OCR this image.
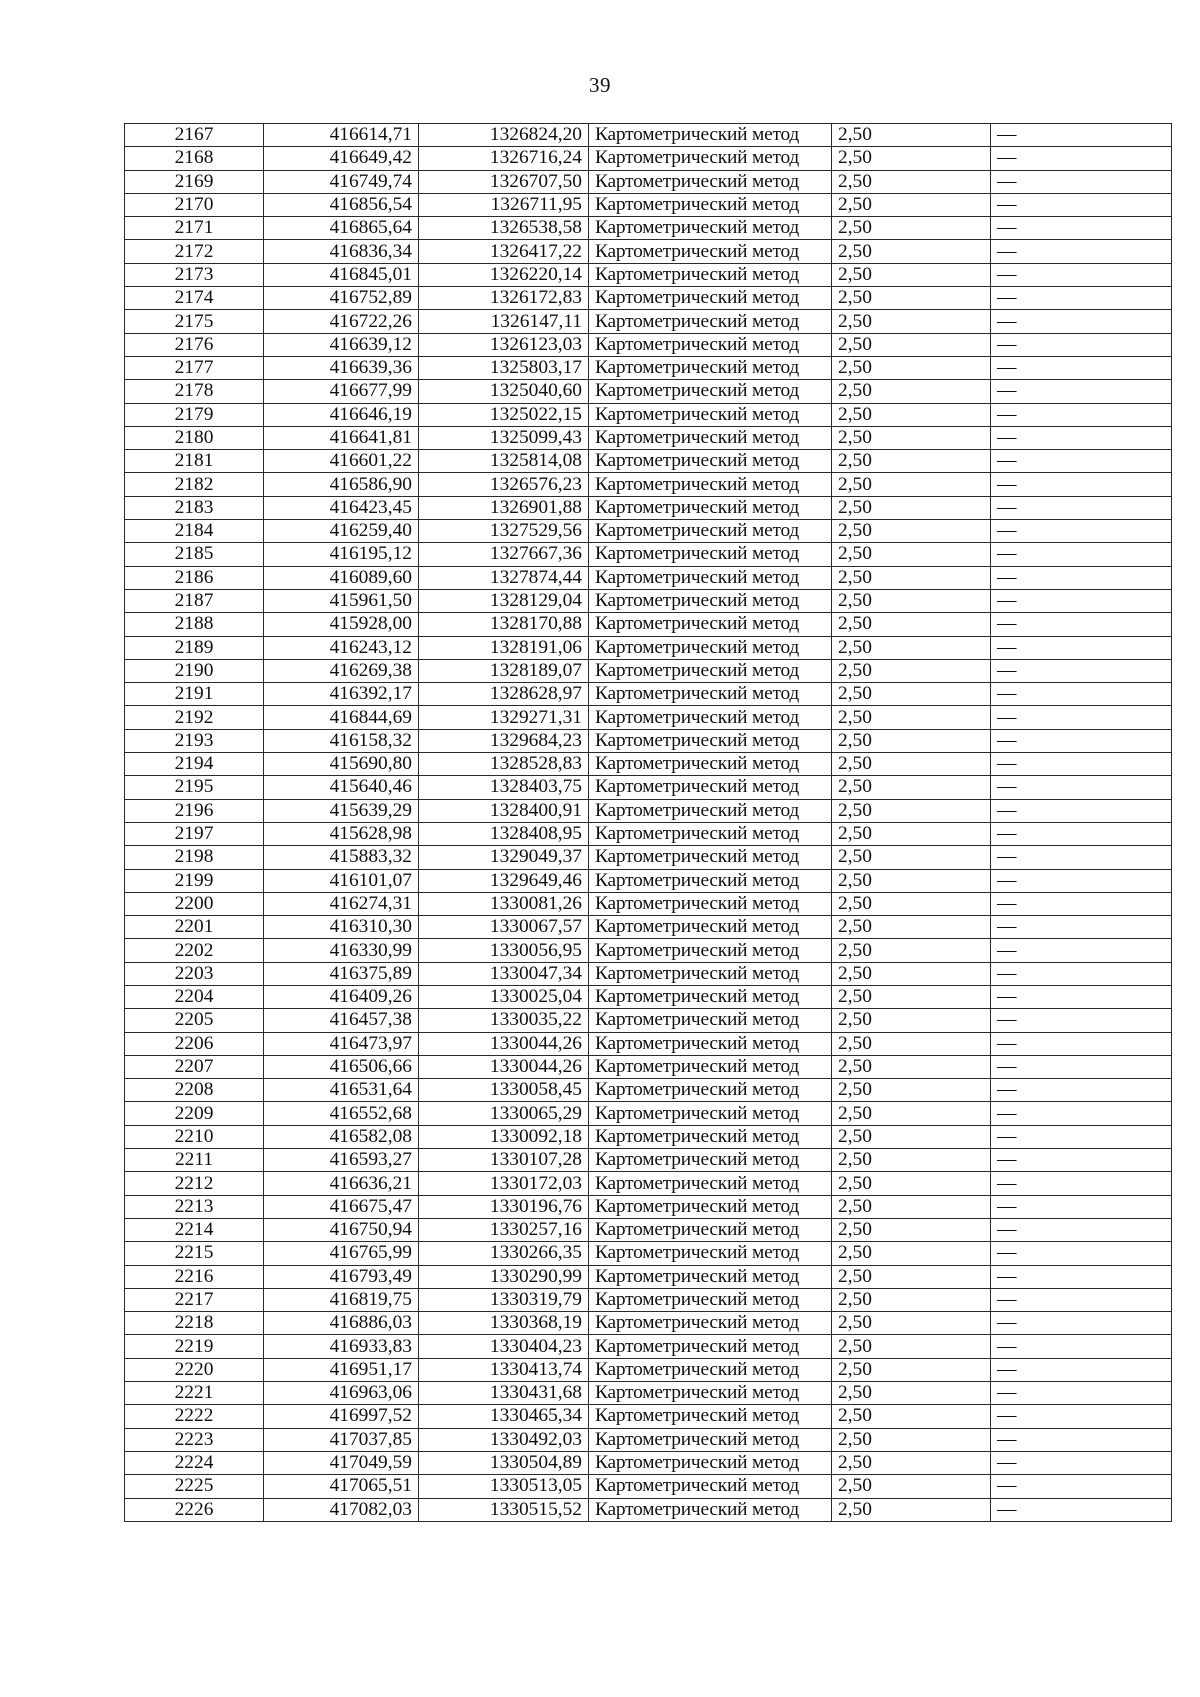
39
2167	416614,71	1326824,20	Картометрический метод	2,50	—
2168	416649,42	1326716,24	Картометрический метод	2,50	—
2169	416749,74	1326707,50	Картометрический метод	2,50	—
2170	416856,54	1326711,95	Картометрический метод	2,50	—
2171	416865,64	1326538,58	Картометрический метод	2,50	—
2172	416836,34	1326417,22	Картометрический метод	2,50	—
2173	416845,01	1326220,14	Картометрический метод	2,50	—
2174	416752,89	1326172,83	Картометрический метод	2,50	—
2175	416722,26	1326147,11	Картометрический метод	2,50	—
2176	416639,12	1326123,03	Картометрический метод	2,50	—
2177	416639,36	1325803,17	Картометрический метод	2,50	—
2178	416677,99	1325040,60	Картометрический метод	2,50	—
2179	416646,19	1325022,15	Картометрический метод	2,50	—
2180	416641,81	1325099,43	Картометрический метод	2,50	—
2181	416601,22	1325814,08	Картометрический метод	2,50	—
2182	416586,90	1326576,23	Картометрический метод	2,50	—
2183	416423,45	1326901,88	Картометрический метод	2,50	—
2184	416259,40	1327529,56	Картометрический метод	2,50	—
2185	416195,12	1327667,36	Картометрический метод	2,50	—
2186	416089,60	1327874,44	Картометрический метод	2,50	—
2187	415961,50	1328129,04	Картометрический метод	2,50	—
2188	415928,00	1328170,88	Картометрический метод	2,50	—
2189	416243,12	1328191,06	Картометрический метод	2,50	—
2190	416269,38	1328189,07	Картометрический метод	2,50	—
2191	416392,17	1328628,97	Картометрический метод	2,50	—
2192	416844,69	1329271,31	Картометрический метод	2,50	—
2193	416158,32	1329684,23	Картометрический метод	2,50	—
2194	415690,80	1328528,83	Картометрический метод	2,50	—
2195	415640,46	1328403,75	Картометрический метод	2,50	—
2196	415639,29	1328400,91	Картометрический метод	2,50	—
2197	415628,98	1328408,95	Картометрический метод	2,50	—
2198	415883,32	1329049,37	Картометрический метод	2,50	—
2199	416101,07	1329649,46	Картометрический метод	2,50	—
2200	416274,31	1330081,26	Картометрический метод	2,50	—
2201	416310,30	1330067,57	Картометрический метод	2,50	—
2202	416330,99	1330056,95	Картометрический метод	2,50	—
2203	416375,89	1330047,34	Картометрический метод	2,50	—
2204	416409,26	1330025,04	Картометрический метод	2,50	—
2205	416457,38	1330035,22	Картометрический метод	2,50	—
2206	416473,97	1330044,26	Картометрический метод	2,50	—
2207	416506,66	1330044,26	Картометрический метод	2,50	—
2208	416531,64	1330058,45	Картометрический метод	2,50	—
2209	416552,68	1330065,29	Картометрический метод	2,50	—
2210	416582,08	1330092,18	Картометрический метод	2,50	—
2211	416593,27	1330107,28	Картометрический метод	2,50	—
2212	416636,21	1330172,03	Картометрический метод	2,50	—
2213	416675,47	1330196,76	Картометрический метод	2,50	—
2214	416750,94	1330257,16	Картометрический метод	2,50	—
2215	416765,99	1330266,35	Картометрический метод	2,50	—
2216	416793,49	1330290,99	Картометрический метод	2,50	—
2217	416819,75	1330319,79	Картометрический метод	2,50	—
2218	416886,03	1330368,19	Картометрический метод	2,50	—
2219	416933,83	1330404,23	Картометрический метод	2,50	—
2220	416951,17	1330413,74	Картометрический метод	2,50	—
2221	416963,06	1330431,68	Картометрический метод	2,50	—
2222	416997,52	1330465,34	Картометрический метод	2,50	—
2223	417037,85	1330492,03	Картометрический метод	2,50	—
2224	417049,59	1330504,89	Картометрический метод	2,50	—
2225	417065,51	1330513,05	Картометрический метод	2,50	—
2226	417082,03	1330515,52	Картометрический метод	2,50	—
